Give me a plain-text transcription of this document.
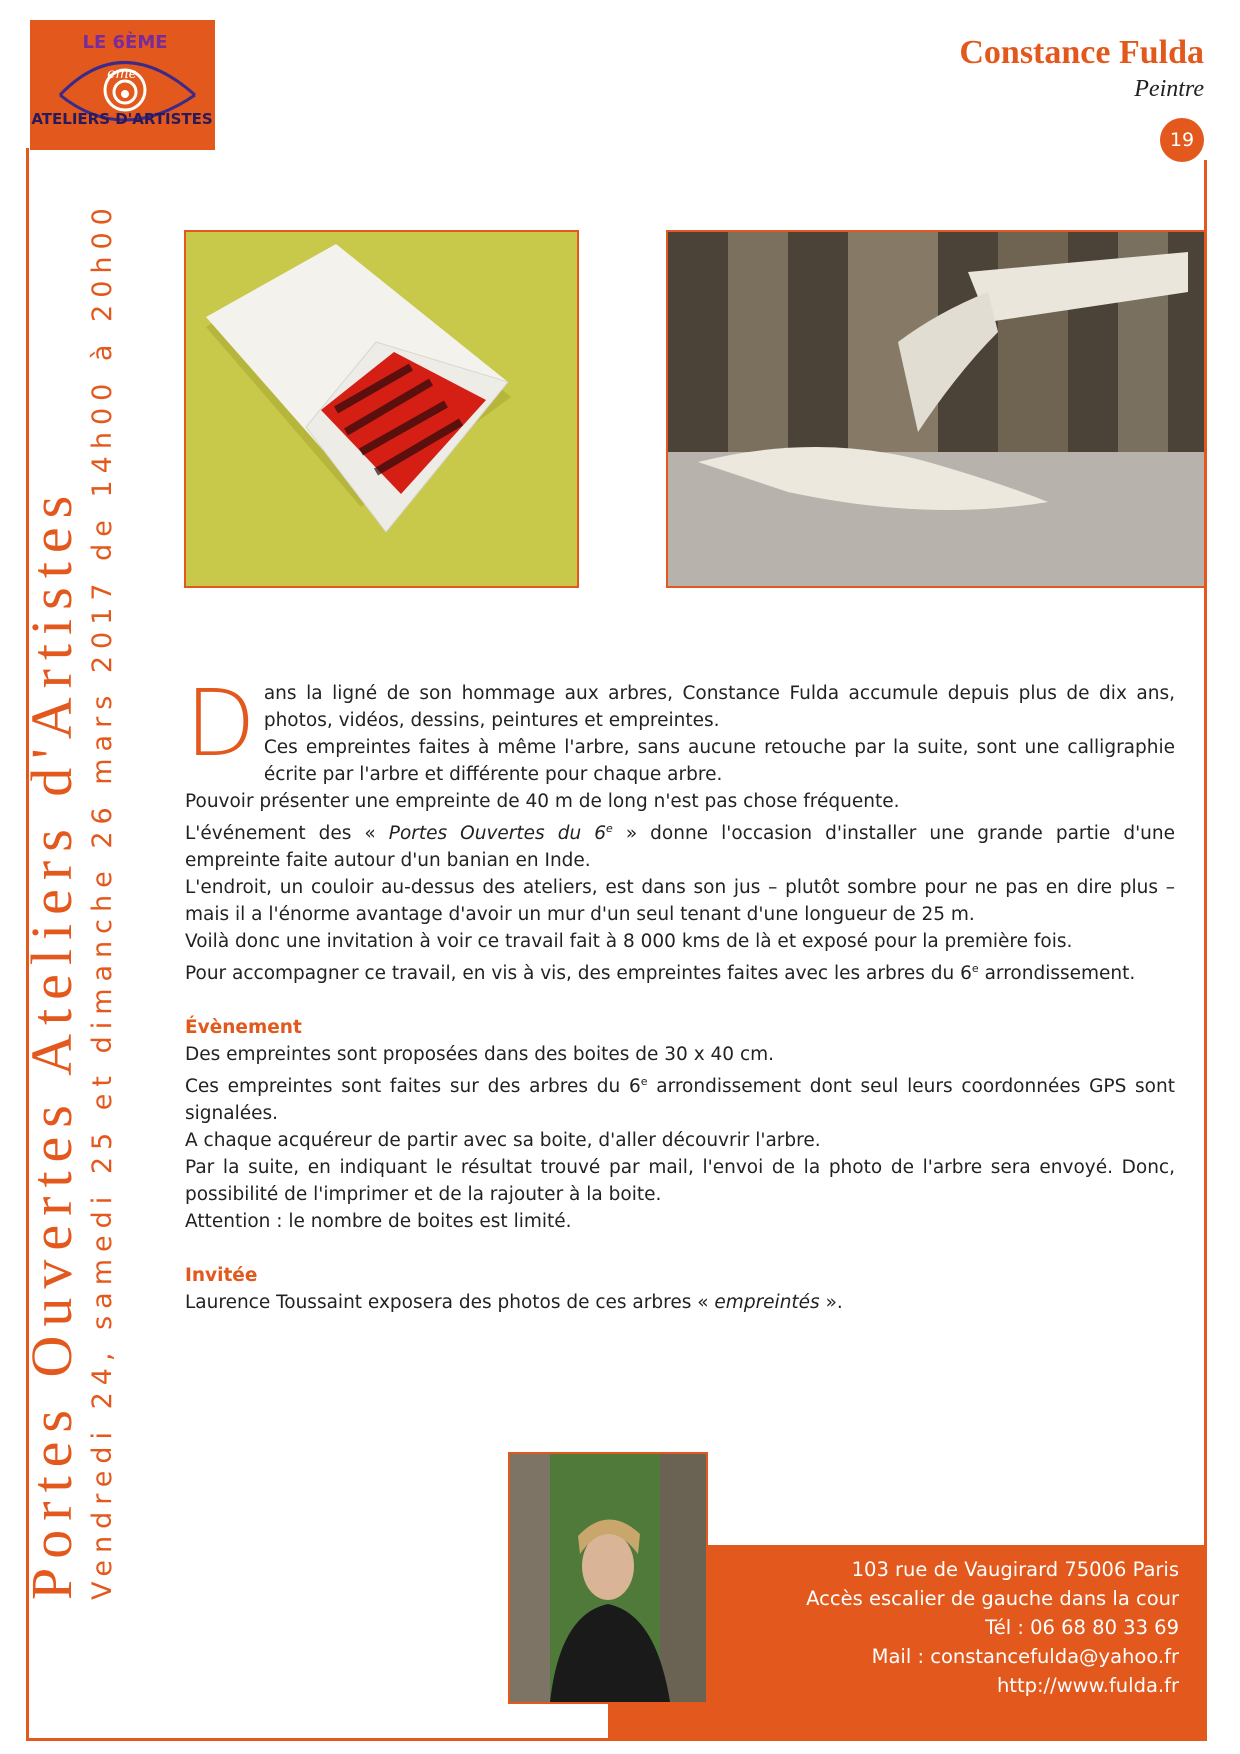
LE 6ÈME
eme
ATELIERS D'ARTISTES
Constance Fulda
Peintre
19
Portes Ouvertes Ateliers d'Artistes Vendredi 24, samedi 25 et dimanche 26 mars 2017 de 14h00 à 20h00 D ans la ligné de son hommage aux arbres, Constance Fulda accumule depuis plus de dix ans, photos, vidéos, dessins, peintures et empreintes.
Ces empreintes faites à même l'arbre, sans aucune retouche par la suite, sont une calligraphie écrite par l'arbre et différente pour chaque arbre.
Pouvoir présenter une empreinte de 40 m de long n'est pas chose fréquente.

L'événement des « Portes Ouvertes du 6e » donne l'occasion d'installer une grande partie d'une empreinte faite autour d'un banian en Inde.

L'endroit, un couloir au-dessus des ateliers, est dans son jus – plutôt sombre pour ne pas en dire plus – mais il a l'énorme avantage d'avoir un mur d'un seul tenant d'une longueur de 25 m.

Voilà donc une invitation à voir ce travail fait à 8 000 kms de là et exposé pour la première fois.

Pour accompagner ce travail, en vis à vis, des empreintes faites avec les arbres du 6e arrondissement.

Évènement

Des empreintes sont proposées dans des boites de 30 x 40 cm.

Ces empreintes sont faites sur des arbres du 6e arrondissement dont seul leurs coordonnées GPS sont signalées.

A chaque acquéreur de partir avec sa boite, d'aller découvrir l'arbre.

Par la suite, en indiquant le résultat trouvé par mail, l'envoi de la photo de l'arbre sera envoyé. Donc, possibilité de l'imprimer et de la rajouter à la boite.

Attention : le nombre de boites est limité.

Invitée

Laurence Toussaint exposera des photos de ces arbres « empreintés ».

103 rue de Vaugirard 75006 Paris
Accès escalier de gauche dans la cour
Tél : 06 68 80 33 69
Mail : constancefulda@yahoo.fr
http://www.fulda.fr
